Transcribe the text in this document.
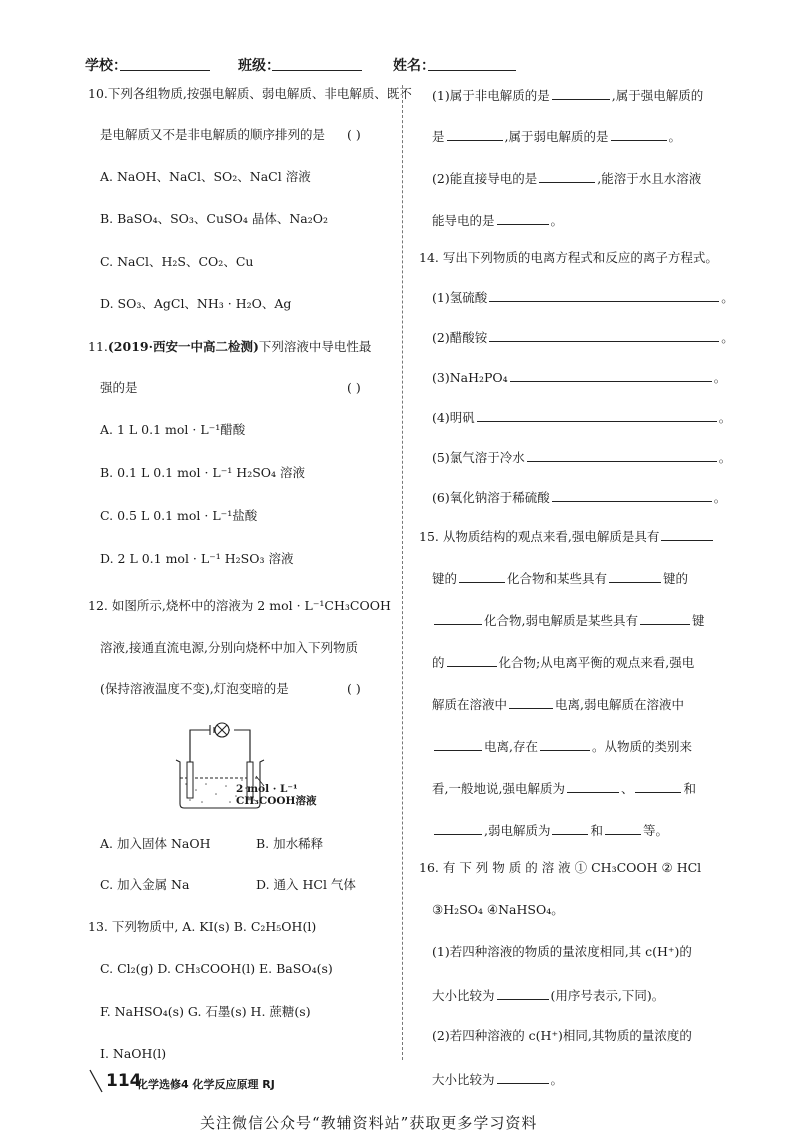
学校：	班级：	姓名：
10.下列各组物质,按强电解质、弱电解质、非电解质、既不
是电解质又不是非电解质的顺序排列的是 ( )
A. NaOH、NaCl、SO₂、NaCl 溶液
B. BaSO₄、SO₃、CuSO₄ 晶体、Na₂O₂
C. NaCl、H₂S、CO₂、Cu
D. SO₃、AgCl、NH₃ · H₂O、Ag
11.(2019·西安一中高二检测)下列溶液中导电性最
强的是	( )
A. 1 L 0.1 mol · L⁻¹醋酸
B. 0.1 L 0.1 mol · L⁻¹ H₂SO₄ 溶液
C. 0.5 L 0.1 mol · L⁻¹盐酸
D. 2 L 0.1 mol · L⁻¹ H₂SO₃ 溶液
12. 如图所示,烧杯中的溶液为 2 mol · L⁻¹CH₃COOH
溶液,接通直流电源,分别向烧杯中加入下列物质
(保持溶液温度不变),灯泡变暗的是	( )
2 mol · L⁻¹
CH₃COOH溶液
A. 加入固体 NaOH	B. 加水稀释
C. 加入金属 Na	D. 通入 HCl 气体
13. 下列物质中, A. KI(s) B. C₂H₅OH(l)
C. Cl₂(g) D. CH₃COOH(l) E. BaSO₄(s)
F. NaHSO₄(s) G. 石墨(s) H. 蔗糖(s)
I. NaOH(l)
(1)属于非电解质的是	,属于强电解质的
是	,属于弱电解质的是	。
(2)能直接导电的是	,能溶于水且水溶液
能导电的是	。
14. 写出下列物质的电离方程式和反应的离子方程式。
(1)氢硫酸	。
(2)醋酸铵	。
(3)NaH₂PO₄	。
(4)明矾	。
(5)氯气溶于冷水	。
(6)氧化钠溶于稀硫酸	。
15. 从物质结构的观点来看,强电解质是具有
键的	化合物和某些具有	键的
化合物,弱电解质是某些具有	键
的	化合物;从电离平衡的观点来看,强电
解质在溶液中	电离,弱电解质在溶液中
电离,存在	。从物质的类别来
看,一般地说,强电解质为	、	和
,弱电解质为	和	等。
16. 有 下 列 物 质 的 溶 液 ① CH₃COOH ② HCl
③H₂SO₄ ④NaHSO₄。
(1)若四种溶液的物质的量浓度相同,其 c(H⁺)的
大小比较为	(用序号表示,下同)。
(2)若四种溶液的 c(H⁺)相同,其物质的量浓度的
大小比较为	。
114
化学选修4 化学反应原理 RJ
关注微信公众号“教辅资料站”获取更多学习资料
